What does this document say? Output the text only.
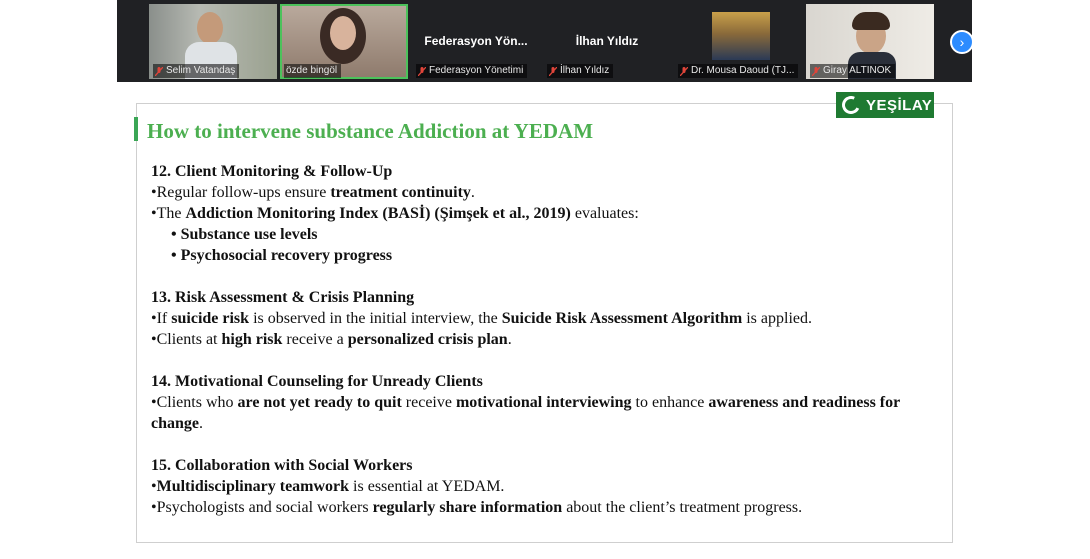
Selim Vatandaş	özde bingöl
Federasyon Yön...
Federasyon Yönetimi
İlhan Yıldız
İlhan Yıldız	Dr. Mousa Daoud (TJ...	Giray ALTINOK
›
YEŞİLAY
How to intervene substance Addiction at YEDAM

12. Client Monitoring & Follow-Up

•Regular follow-ups ensure treatment continuity.

•The Addiction Monitoring Index (BASİ) (Şimşek et al., 2019) evaluates:

• Substance use levels

• Psychosocial recovery progress

13. Risk Assessment & Crisis Planning

•If suicide risk is observed in the initial interview, the Suicide Risk Assessment Algorithm is applied.

•Clients at high risk receive a personalized crisis plan.

14. Motivational Counseling for Unready Clients

•Clients who are not yet ready to quit receive motivational interviewing to enhance awareness and readiness for change.

15. Collaboration with Social Workers

•Multidisciplinary teamwork is essential at YEDAM.

•Psychologists and social workers regularly share information about the client’s treatment progress.
